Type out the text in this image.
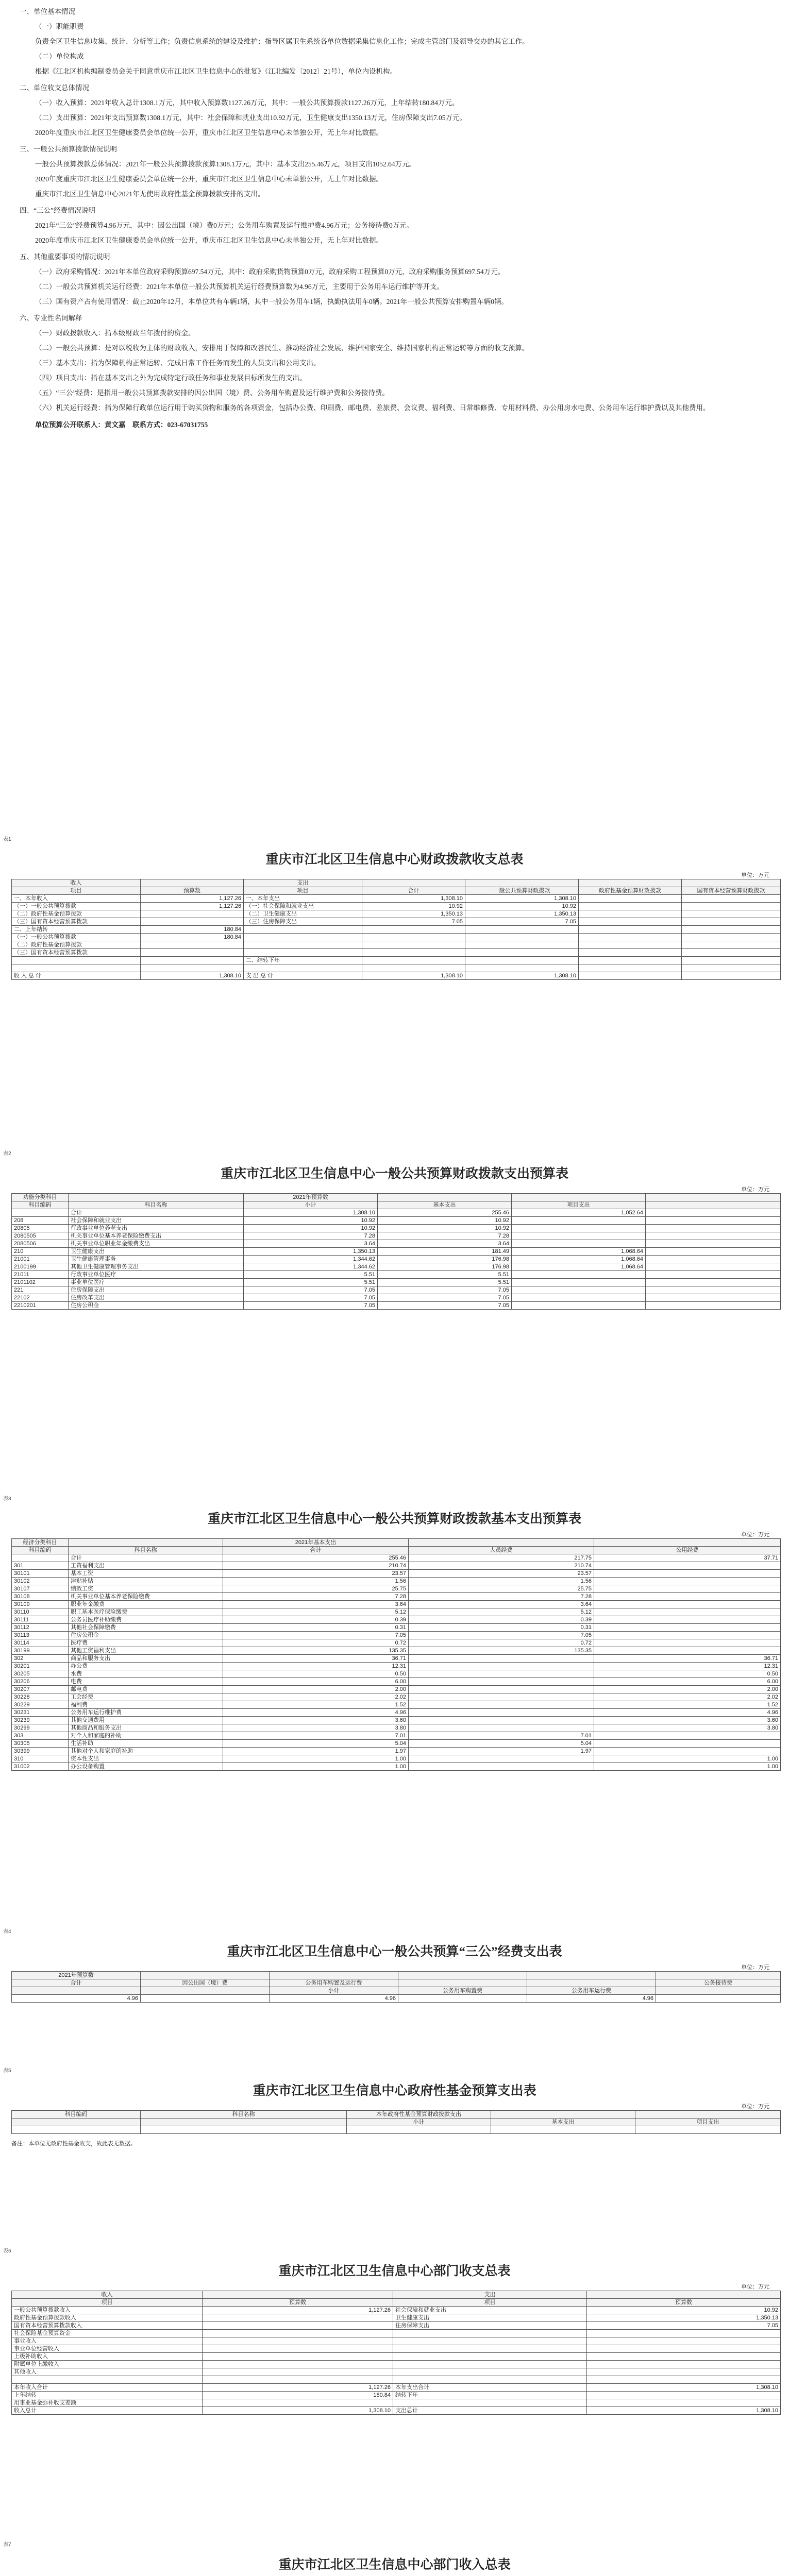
一、单位基本情况

（一）职能职责

负责全区卫生信息收集、统计、分析等工作；负责信息系统的建设及维护；指导区属卫生系统各单位数据采集信息化工作；完成主管部门及领导交办的其它工作。

（二）单位构成

根据《江北区机构编制委员会关于同意重庆市江北区卫生信息中心的批复》（江北编发〔2012〕21号），单位内设机构。

二、单位收支总体情况

（一）收入预算：2021年收入总计1308.1万元，其中收入预算数1127.26万元，其中：一般公共预算拨款1127.26万元，上年结转180.84万元。

（二）支出预算：2021年支出预算数1308.1万元，其中：社会保障和就业支出10.92万元，卫生健康支出1350.13万元，住房保障支出7.05万元。

2020年度重庆市江北区卫生健康委员会单位统一公开，重庆市江北区卫生信息中心未单独公开，无上年对比数据。

三、一般公共预算拨款情况说明

一般公共预算拨款总体情况：2021年一般公共预算拨款预算1308.1万元，其中：基本支出255.46万元，项目支出1052.64万元。

2020年度重庆市江北区卫生健康委员会单位统一公开，重庆市江北区卫生信息中心未单独公开，无上年对比数据。

重庆市江北区卫生信息中心2021年无使用政府性基金预算拨款安排的支出。

四、“三公”经费情况说明

2021年“三公”经费预算4.96万元，其中：因公出国（境）费0万元；公务用车购置及运行维护费4.96万元；公务接待费0万元。

2020年度重庆市江北区卫生健康委员会单位统一公开，重庆市江北区卫生信息中心未单独公开，无上年对比数据。

五、其他重要事项的情况说明

（一）政府采购情况：2021年本单位政府采购预算697.54万元，其中：政府采购货物预算0万元，政府采购工程预算0万元，政府采购服务预算697.54万元。

（二）一般公共预算机关运行经费：2021年本单位一般公共预算机关运行经费预算数为4.96万元，主要用于公务用车运行维护等开支。

（三）国有资产占有使用情况：截止2020年12月，本单位共有车辆1辆，其中一般公务用车1辆，执勤执法用车0辆。2021年一般公共预算安排购置车辆0辆。

六、专业性名词解释

（一）财政拨款收入：指本级财政当年拨付的资金。

（二）一般公共预算：是对以税收为主体的财政收入，安排用于保障和改善民生、推动经济社会发展、维护国家安全、维持国家机构正常运转等方面的收支预算。

（三）基本支出：指为保障机构正常运转、完成日常工作任务而发生的人员支出和公用支出。

（四）项目支出：指在基本支出之外为完成特定行政任务和事业发展目标所发生的支出。

（五）“三公”经费：是指用一般公共预算拨款安排的因公出国（境）费、公务用车购置及运行维护费和公务接待费。

（六）机关运行经费：指为保障行政单位运行用于购买货物和服务的各项资金，包括办公费、印刷费、邮电费、差旅费、会议费、福利费、日常维修费、专用材料费、办公用房水电费、公务用车运行维护费以及其他费用。

单位预算公开联系人：黄文嘉　联系方式：023-67031755

表1
重庆市江北区卫生信息中心财政拨款收支总表
单位：万元
收入		支出				
项目	预算数	项目	合计	一般公共预算财政拨款	政府性基金预算财政拨款	国有资本经营预算财政拨款
一、本年收入	1,127.26	一、本年支出	1,308.10	1,308.10		
（一）一般公共预算拨款	1,127.26	（一）社会保障和就业支出	10.92	10.92		
（二）政府性基金预算拨款		（二）卫生健康支出	1,350.13	1,350.13		
（三）国有资本经营预算拨款		（三）住房保障支出	7.05	7.05		
二、上年结转	180.84					
（一）一般公共预算拨款	180.84					
（二）政府性基金预算拨款						
（三）国有资本经营预算拨款						
		二、结转下年				

收 入 总 计	1,308.10	支 出 总 计	1,308.10	1,308.10		
表2
重庆市江北区卫生信息中心一般公共预算财政拨款支出预算表
单位：万元
功能分类科目		2021年预算数			
科目编码	科目名称	小计	基本支出	项目支出	
	合计	1,308.10	255.46	1,052.64	
208	社会保障和就业支出	10.92	10.92		
20805	行政事业单位养老支出	10.92	10.92		
2080505	机关事业单位基本养老保险缴费支出	7.28	7.28		
2080506	机关事业单位职业年金缴费支出	3.64	3.64		
210	卫生健康支出	1,350.13	181.49	1,068.64	
21001	卫生健康管理事务	1,344.62	176.98	1,068.64	
2100199	其他卫生健康管理事务支出	1,344.62	176.98	1,068.64	
21011	行政事业单位医疗	5.51	5.51		
2101102	事业单位医疗	5.51	5.51		
221	住房保障支出	7.05	7.05		
22102	住房改革支出	7.05	7.05		
2210201	住房公积金	7.05	7.05		
表3
重庆市江北区卫生信息中心一般公共预算财政拨款基本支出预算表
单位：万元
经济分类科目		2021年基本支出		
科目编码	科目名称	合计	人员经费	公用经费
	合计	255.46	217.75	37.71
301	工资福利支出	210.74	210.74	
30101	基本工资	23.57	23.57	
30102	津贴补贴	1.56	1.56	
30107	绩效工资	25.75	25.75	
30108	机关事业单位基本养老保险缴费	7.28	7.28	
30109	职业年金缴费	3.64	3.64	
30110	职工基本医疗保险缴费	5.12	5.12	
30111	公务员医疗补助缴费	0.39	0.39	
30112	其他社会保障缴费	0.31	0.31	
30113	住房公积金	7.05	7.05	
30114	医疗费	0.72	0.72	
30199	其他工资福利支出	135.35	135.35	
302	商品和服务支出	36.71		36.71
30201	办公费	12.31		12.31
30205	水费	0.50		0.50
30206	电费	6.00		6.00
30207	邮电费	2.00		2.00
30228	工会经费	2.02		2.02
30229	福利费	1.52		1.52
30231	公务用车运行维护费	4.96		4.96
30239	其他交通费用	3.60		3.60
30299	其他商品和服务支出	3.80		3.80
303	对个人和家庭的补助	7.01	7.01	
30305	生活补助	5.04	5.04	
30399	其他对个人和家庭的补助	1.97	1.97	
310	资本性支出	1.00		1.00
31002	办公设备购置	1.00		1.00
表4
重庆市江北区卫生信息中心一般公共预算“三公”经费支出表
单位：万元
2021年预算数					
合计	因公出国（境）费	公务用车购置及运行费			公务接待费
		小计	公务用车购置费	公务用车运行费	
4.96		4.96		4.96	
表5
重庆市江北区卫生信息中心政府性基金预算支出表
单位：万元
科目编码	科目名称	本年政府性基金预算财政拨款支出		
		小计	基本支出	项目支出

备注：本单位无政府性基金收支，故此表无数据。
表6
重庆市江北区卫生信息中心部门收支总表
单位：万元
收入		支出	
项目	预算数	项目	预算数
一般公共预算拨款收入	1,127.26	社会保障和就业支出	10.92
政府性基金预算拨款收入		卫生健康支出	1,350.13
国有资本经营预算拨款收入		住房保障支出	7.05
社会保险基金预算资金			
事业收入			
事业单位经营收入			
上级补助收入			
附属单位上缴收入			
其他收入			

本年收入合计	1,127.26	本年支出合计	1,308.10
上年结转	180.84	结转下年	
用事业基金弥补收支差额			
收入总计	1,308.10	支出总计	1,308.10
表7
重庆市江北区卫生信息中心部门收入总表
